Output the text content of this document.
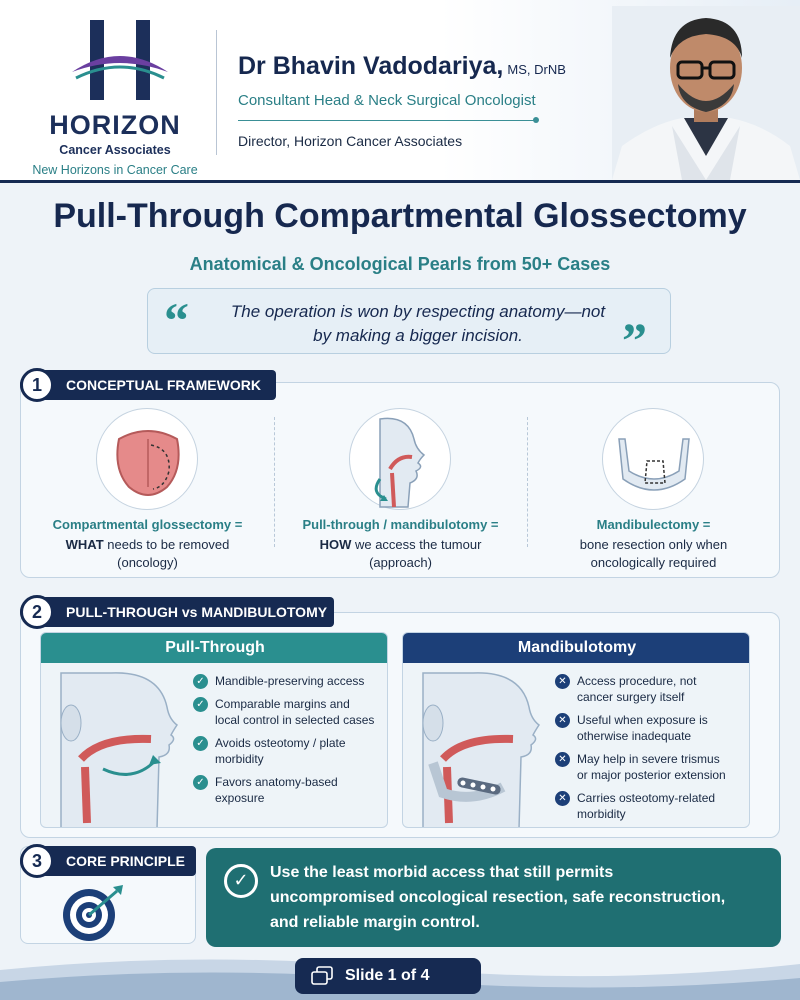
HORIZON
Cancer Associates
New Horizons in Cancer Care
Dr Bhavin Vadodariya, MS, DrNB
Consultant Head & Neck Surgical Oncologist
Director, Horizon Cancer Associates
Pull-Through Compartmental Glossectomy
Anatomical & Oncological Pearls from 50+ Cases
“	The operation is won by respecting anatomy—not
by making a bigger incision.	”
Compartmental glossectomy =
WHAT needs to be removed
(oncology)
Pull-through / mandibulotomy =
HOW we access the tumour
(approach)
Mandibulectomy =
bone resection only when
oncologically required
1	CONCEPTUAL FRAMEWORK
2	PULL-THROUGH vs MANDIBULOTOMY
Pull-Through
✓ Mandible-preserving access
✓ Comparable margins and
local control in selected cases
✓ Avoids osteotomy / plate
morbidity
✓ Favors anatomy-based
exposure
Mandibulotomy
✕ Access procedure, not
cancer surgery itself
✕ Useful when exposure is
otherwise inadequate
✕ May help in severe trismus
or major posterior extension
✕ Carries osteotomy-related
morbidity
3	CORE PRINCIPLE
✓	Use the least morbid access that still permits
uncompromised oncological resection, safe reconstruction,
and reliable margin control.
Slide 1 of 4
